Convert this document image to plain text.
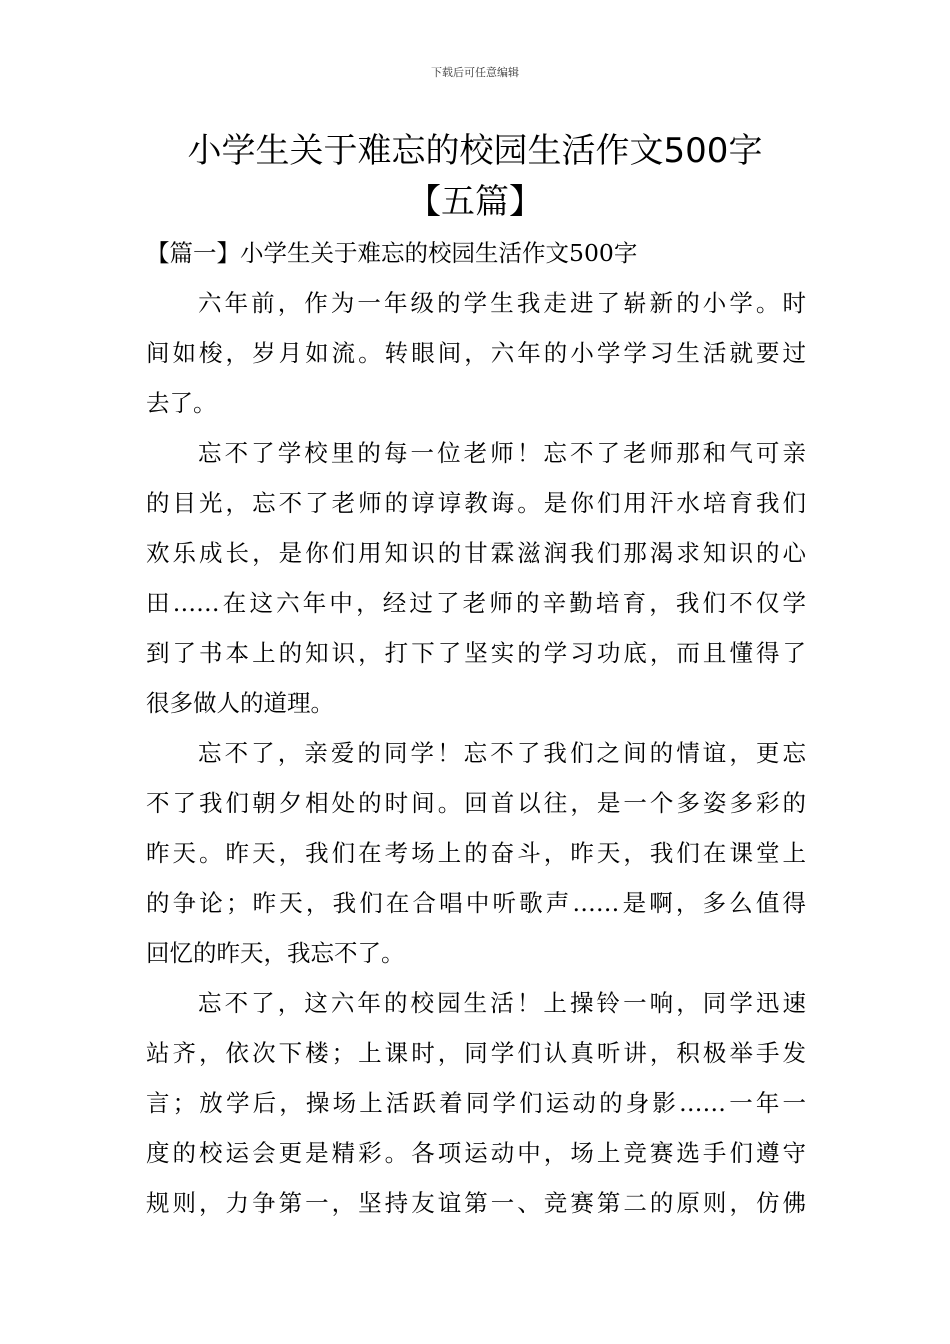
下载后可任意编辑
小学生关于难忘的校园生活作文500字
【五篇】
【篇一】小学生关于难忘的校园生活作文500字
六年前，作为一年级的学生我走进了崭新的小学。时
间如梭，岁月如流。转眼间，六年的小学学习生活就要过
去了。
忘不了学校里的每一位老师！忘不了老师那和气可亲
的目光，忘不了老师的谆谆教诲。是你们用汗水培育我们
欢乐成长，是你们用知识的甘霖滋润我们那渴求知识的心
田……在这六年中，经过了老师的辛勤培育，我们不仅学
到了书本上的知识，打下了坚实的学习功底，而且懂得了
很多做人的道理。
忘不了，亲爱的同学！忘不了我们之间的情谊，更忘
不了我们朝夕相处的时间。回首以往，是一个多姿多彩的
昨天。昨天，我们在考场上的奋斗，昨天，我们在课堂上
的争论；昨天，我们在合唱中听歌声……是啊，多么值得
回忆的昨天，我忘不了。
忘不了，这六年的校园生活！上操铃一响，同学迅速
站齐，依次下楼；上课时，同学们认真听讲，积极举手发
言；放学后，操场上活跃着同学们运动的身影……一年一
度的校运会更是精彩。各项运动中，场上竞赛选手们遵守
规则，力争第一，坚持友谊第一、竞赛第二的原则，仿佛
